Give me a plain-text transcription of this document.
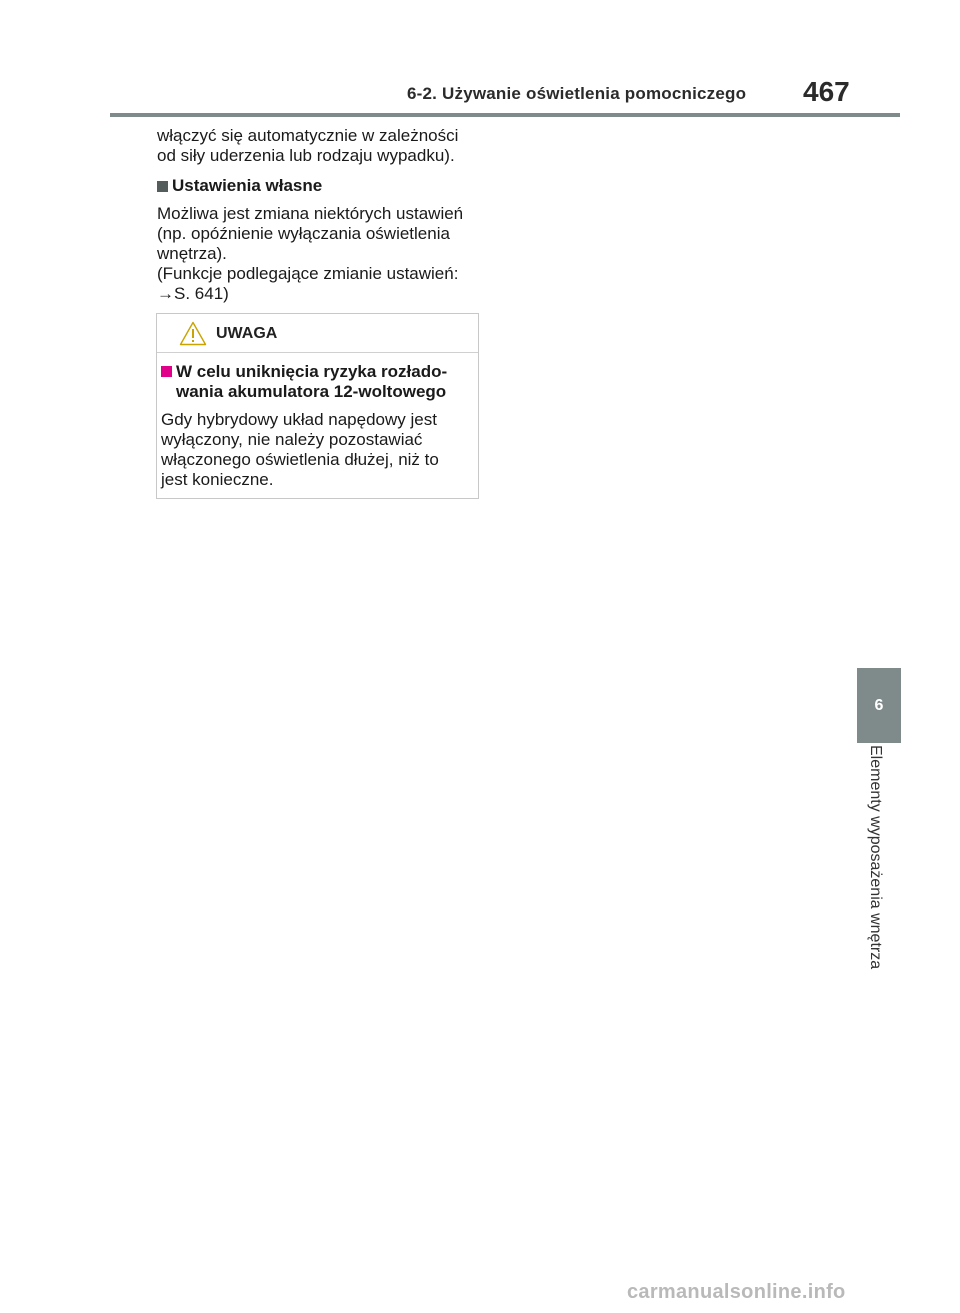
6-2. Używanie oświetlenia pomocniczego 467

włączyć się automatycznie w zależności
od siły uderzenia lub rodzaju wypadku).

Ustawienia własne

Możliwa jest zmiana niektórych ustawień
(np. opóźnienie wyłączania oświetlenia
wnętrza).
(Funkcje podlegające zmianie ustawień:
→S. 641)

UWAGA
W celu uniknięcia ryzyka rozłado-
wania akumulatora 12-woltowego

Gdy hybrydowy układ napędowy jest
wyłączony, nie należy pozostawiać
włączonego oświetlenia dłużej, niż to
jest konieczne.

6
Elementy wyposażenia wnętrza
carmanualsonline.info
